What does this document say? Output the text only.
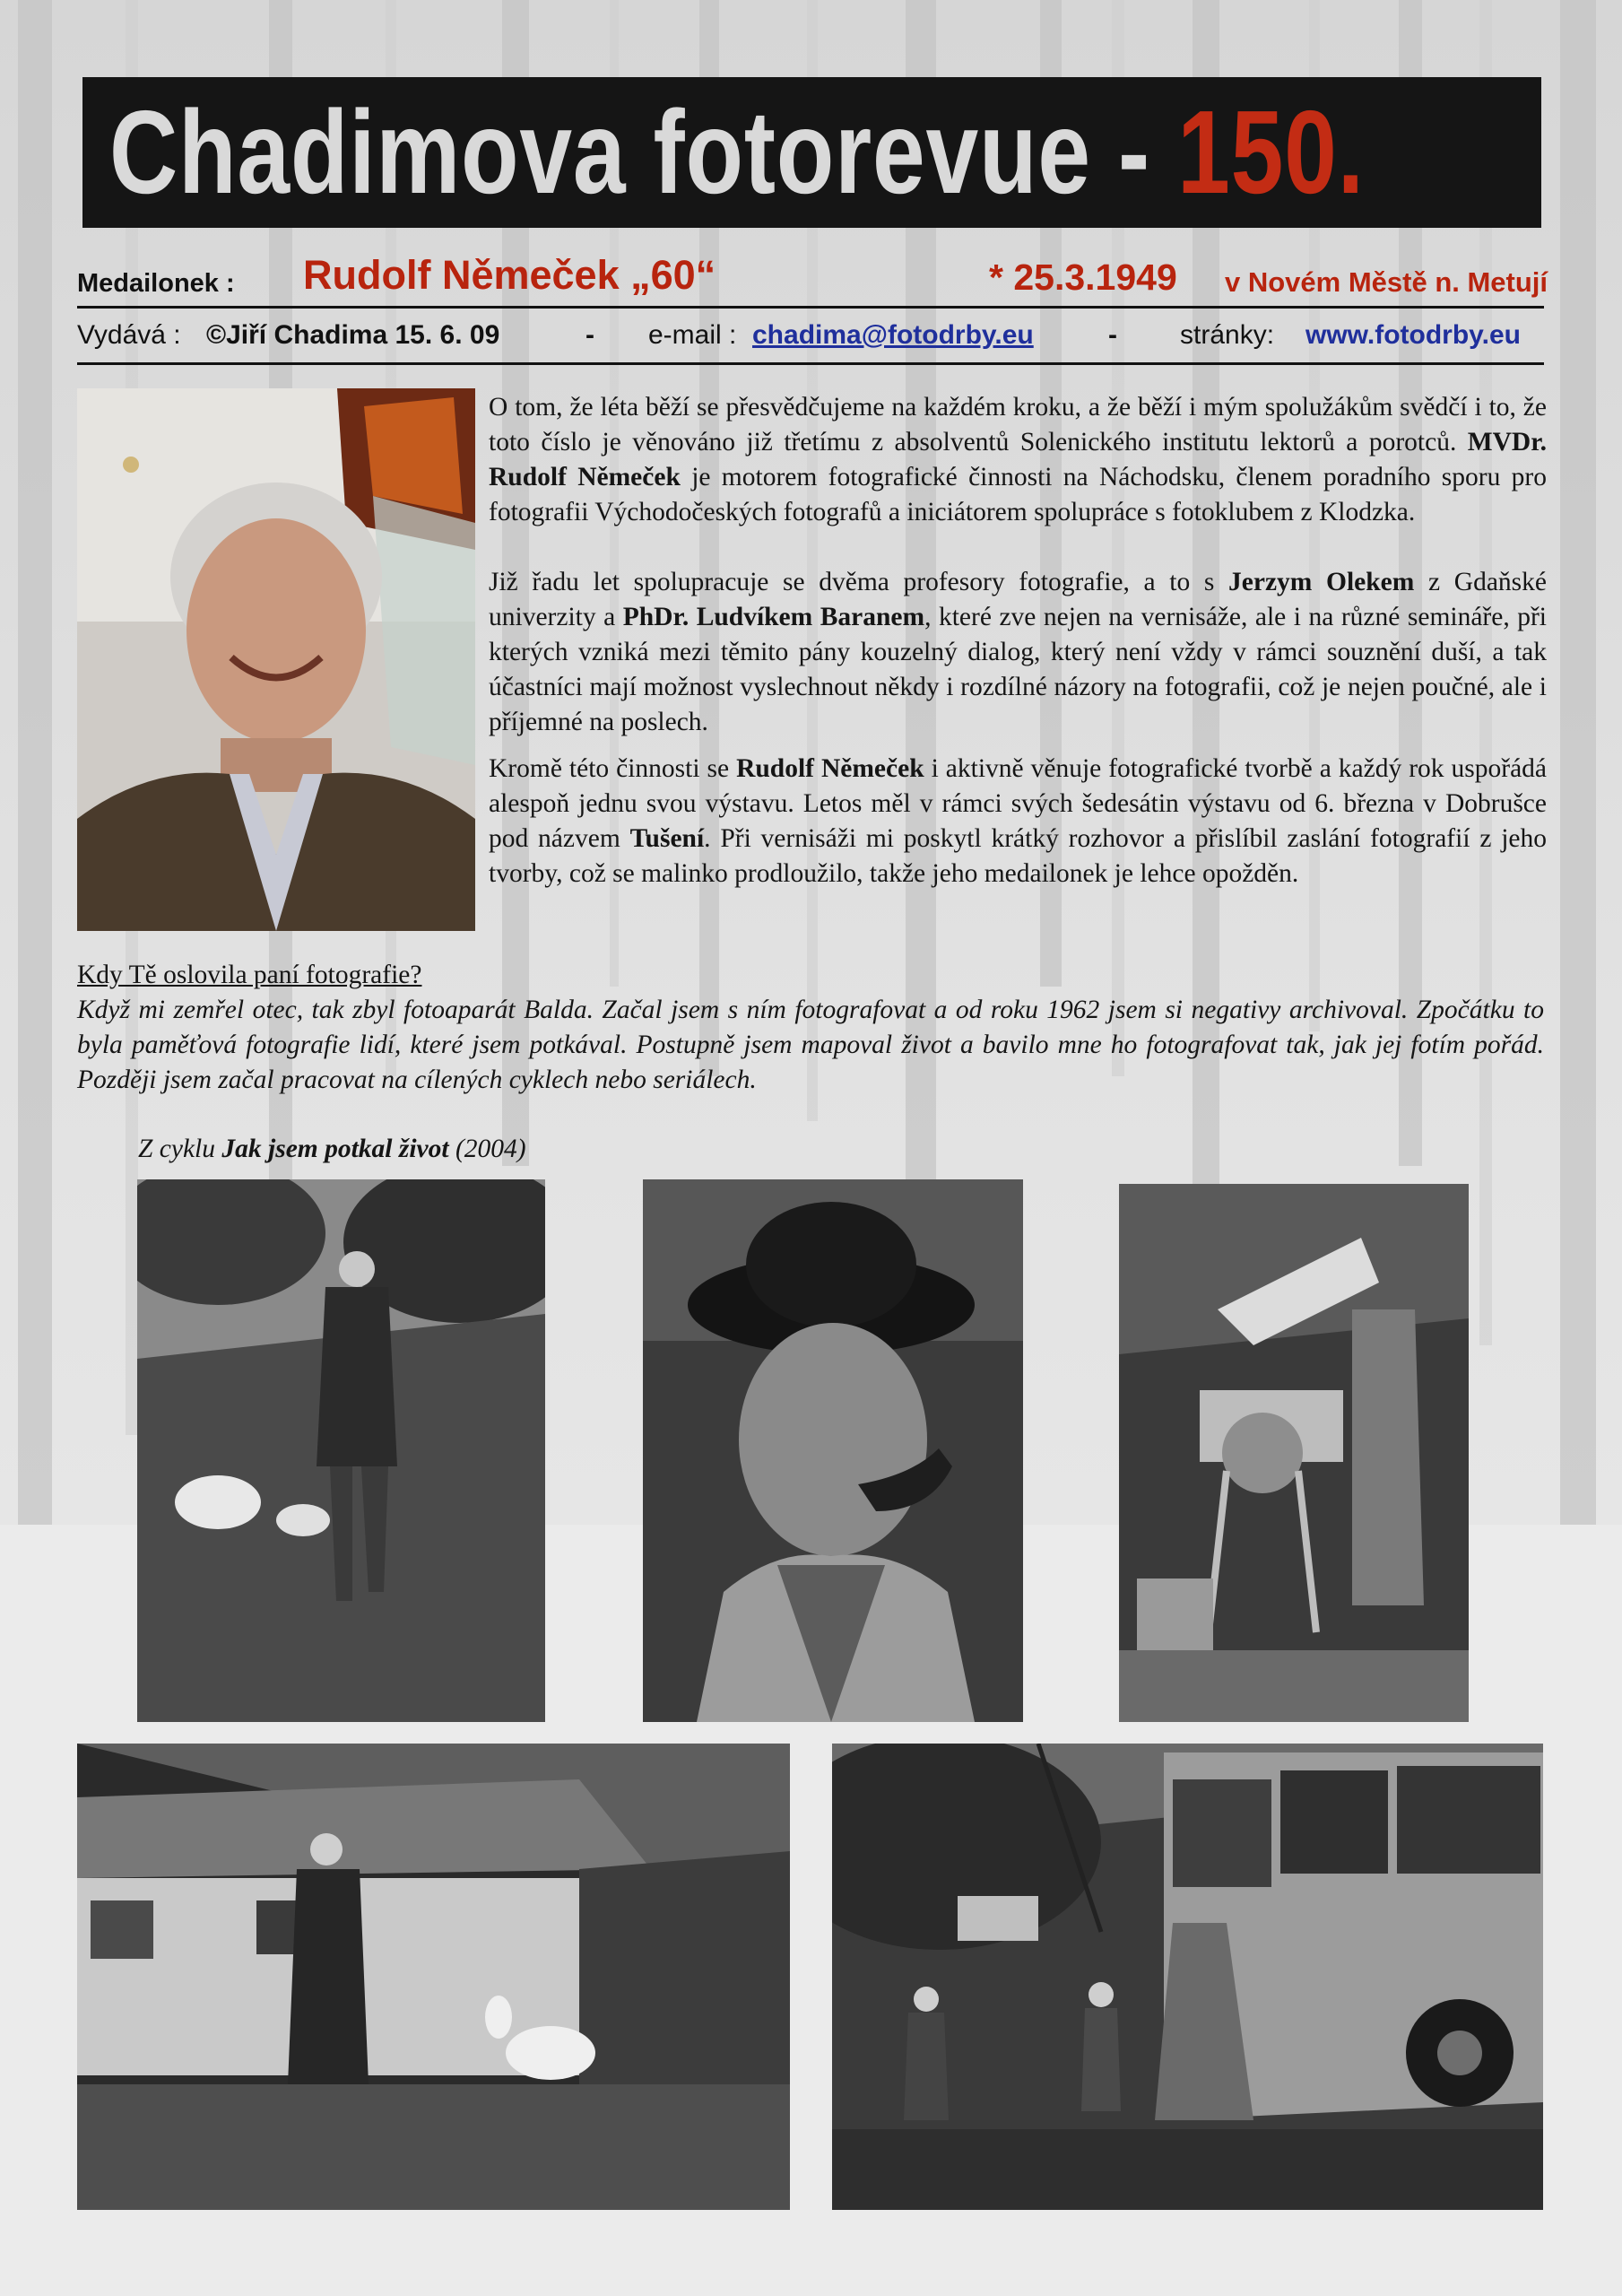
Chadimova fotorevue - 150.
Medailonek : Rudolf Němeček „60“	* 25.3.1949 v Novém Městě n. Metují
Vydává : ©Jiří Chadima 15. 6. 09	- e-mail : chadima@fotodrby.eu	- stránky: www.fotodrby.eu

O tom, že léta běží se přesvědčujeme na každém kroku, a že běží i mým spolužákům svědčí i to, že toto číslo je věnováno již třetímu z absolventů Solenického institutu lektorů a porotců. MVDr. Rudolf Němeček je motorem fotografické činnosti na Náchodsku, členem poradního sporu pro fotografii Východočeských fotografů a iniciátorem spolupráce s fotoklubem z Klodzka.

Již řadu let spolupracuje se dvěma profesory fotografie, a to s Jerzym Olekem z Gdaňské univerzity a PhDr. Ludvíkem Baranem, které zve nejen na vernisáže, ale i na různé semináře, při kterých vzniká mezi těmito pány kouzelný dialog, který není vždy v rámci souznění duší, a tak účastníci mají možnost vyslechnout někdy i rozdílné názory na fotografii, což je nejen poučné, ale i příjemné na poslech.

Kromě této činnosti se Rudolf Němeček i aktivně věnuje fotografické tvorbě a každý rok uspořádá alespoň jednu svou výstavu. Letos měl v rámci svých šedesátin výstavu od 6. března v Dobrušce pod názvem Tušení. Při vernisáži mi poskytl krátký rozhovor a přislíbil zaslání fotografií z jeho tvorby, což se malinko prodloužilo, takže jeho medailonek je lehce opožděn.

Kdy Tě oslovila paní fotografie?

Když mi zemřel otec, tak zbyl fotoaparát Balda. Začal jsem s ním fotografovat a od roku 1962 jsem si negativy archivoval. Zpočátku to byla paměťová fotografie lidí, které jsem potkával. Postupně jsem mapoval život a bavilo mne ho fotografovat tak, jak jej fotím pořád. Později jsem začal pracovat na cílených cyklech nebo seriálech.

Z cyklu Jak jsem potkal život (2004)
